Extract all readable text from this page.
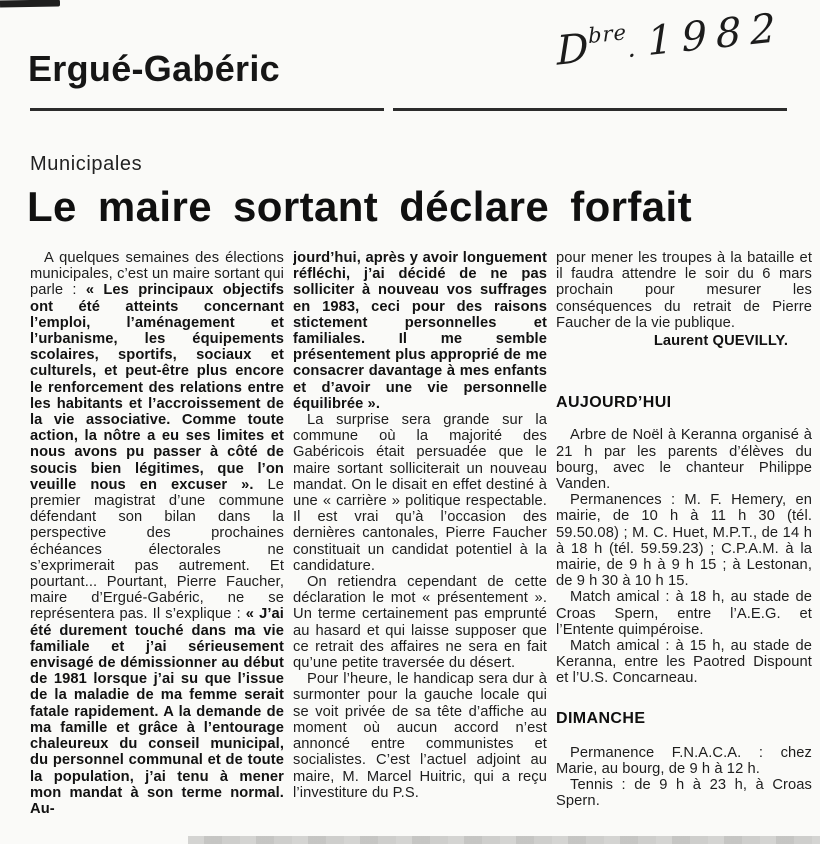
Ergué-Gabéric	$D^{bre}$. 1982
Municipales
Le maire sortant déclare forfait

A quelques semaines des élections municipales, c’est un maire sortant qui parle : « Les principaux objectifs ont été atteints concernant l’emploi, l’aménagement et l’urbanisme, les équipements scolaires, sportifs, sociaux et culturels, et peut-être plus encore le renforcement des relations entre les habitants et l’accroissement de la vie associative. Comme toute action, la nôtre a eu ses limites et nous avons pu passer à côté de soucis bien légitimes, que l’on veuille nous en excuser ». Le premier magistrat d’une commune défendant son bilan dans la perspective des prochaines échéances électorales ne s’exprimerait pas autrement. Et pourtant... Pourtant, Pierre Faucher, maire d’Ergué-Gabéric, ne se représentera pas. Il s’explique : « J’ai été durement touché dans ma vie familiale et j’ai sérieusement envisagé de démissionner au début de 1981 lorsque j’ai su que l’issue de la maladie de ma femme serait fatale rapidement. A la demande de ma famille et grâce à l’entourage chaleureux du conseil municipal, du personnel communal et de toute la population, j’ai tenu à mener mon mandat à son terme normal. Au-

jourd’hui, après y avoir longuement réfléchi, j’ai décidé de ne pas solliciter à nouveau vos suffrages en 1983, ceci pour des raisons stictement personnelles et familiales. Il me semble présentement plus approprié de me consacrer davantage à mes enfants et d’avoir une vie personnelle équilibrée ».

La surprise sera grande sur la commune où la majorité des Gabéricois était persuadée que le maire sortant solliciterait un nouveau mandat. On le disait en effet destiné à une « carrière » politique respectable. Il est vrai qu’à l’occasion des dernières cantonales, Pierre Faucher constituait un candidat potentiel à la candidature.

On retiendra cependant de cette déclaration le mot « présentement ». Un terme certainement pas emprunté au hasard et qui laisse supposer que ce retrait des affaires ne sera en fait qu’une petite traversée du désert.

Pour l’heure, le handicap sera dur à surmonter pour la gauche locale qui se voit privée de sa tête d’affiche au moment où aucun accord n’est annoncé entre communistes et socialistes. C’est l’actuel adjoint au maire, M. Marcel Huitric, qui a reçu l’investiture du P.S.

pour mener les troupes à la bataille et il faudra attendre le soir du 6 mars prochain pour mesurer les conséquences du retrait de Pierre Faucher de la vie publique.

Laurent QUEVILLY.

AUJOURD’HUI

Arbre de Noël à Keranna organisé à 21 h par les parents d’élèves du bourg, avec le chanteur Philippe Vanden.

Permanences : M. F. Hemery, en mairie, de 10 h à 11 h 30 (tél. 59.50.08) ; M. C. Huet, M.P.T., de 14 h à 18 h (tél. 59.59.23) ; C.P.A.M. à la mairie, de 9 h à 9 h 15 ; à Lestonan, de 9 h 30 à 10 h 15.

Match amical : à 18 h, au stade de Croas Spern, entre l’A.E.G. et l’Entente quimpéroise.

Match amical : à 15 h, au stade de Keranna, entre les Paotred Dispount et l’U.S. Concarneau.

DIMANCHE

Permanence F.N.A.C.A. : chez Marie, au bourg, de 9 h à 12 h.

Tennis : de 9 h à 23 h, à Croas Spern.
